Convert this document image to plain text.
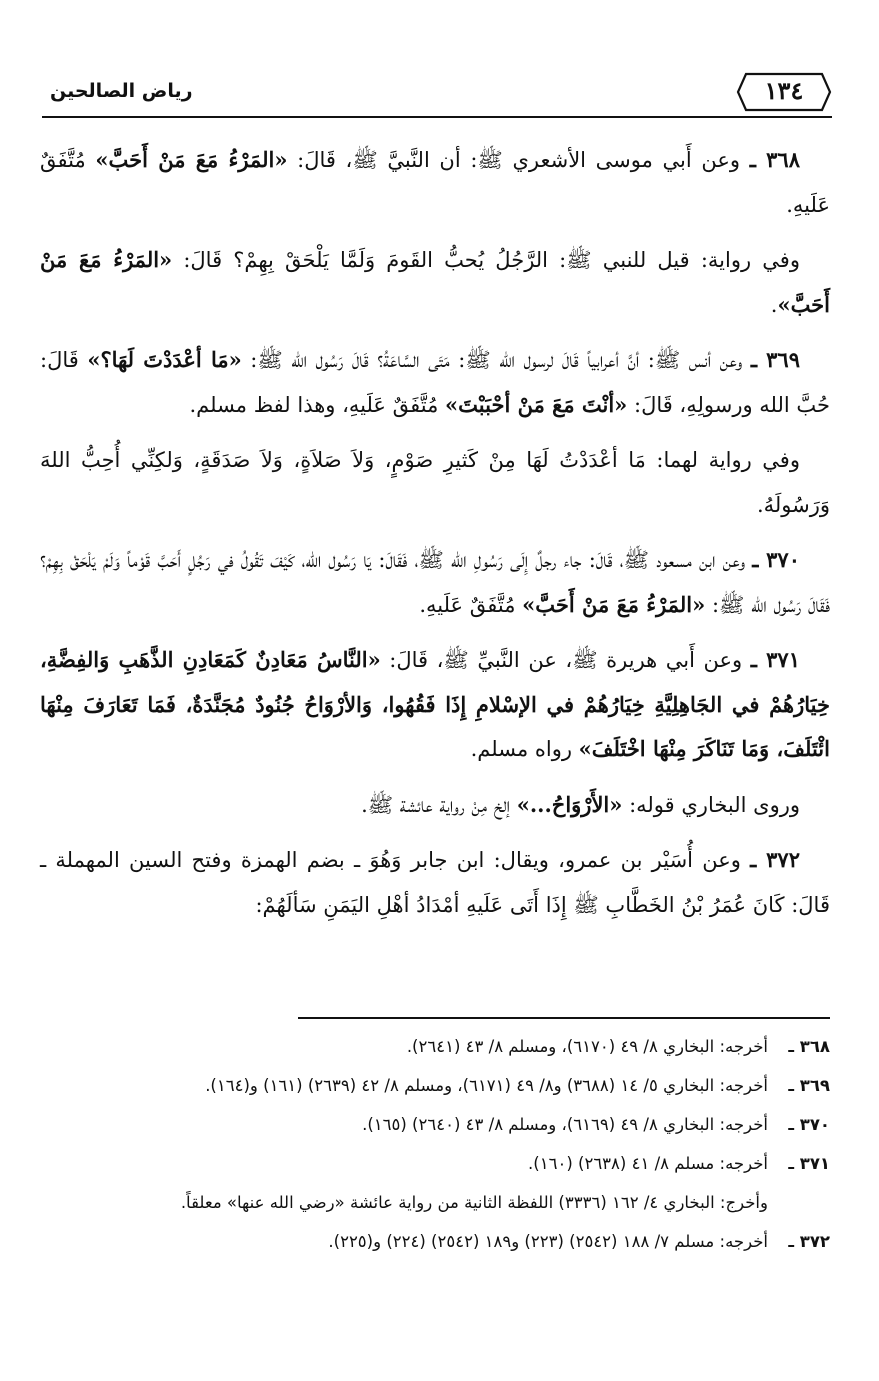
رياض الصالحين	١٣٤

٣٦٨ ـ وعن أَبي موسى الأشعري ﷺ: أن النَّبيَّ ﷺ، قَالَ: «المَرْءُ مَعَ مَنْ أَحَبَّ» مُتَّفَقٌ عَلَيهِ.

وفي رواية: قيل للنبي ﷺ: الرَّجُلُ يُحبُّ القَومَ وَلَمَّا يَلْحَقْ بِهِمْ؟ قَالَ: «المَرْءُ مَعَ مَنْ أَحَبَّ».

٣٦٩ ـ وعن أنس ﷺ: أنَّ أعرابياً قَالَ لرسول الله ﷺ: مَتَى السَّاعَةُ؟ قَالَ رَسُول الله ﷺ: «مَا أعْدَدْتَ لَهَا؟» قَالَ: حُبَّ الله ورسولِهِ، قَالَ: «أنْتَ مَعَ مَنْ أحْبَبْتَ» مُتَّفَقٌ عَلَيهِ، وهذا لفظ مسلم.

وفي رواية لهما: مَا أعْدَدْتُ لَهَا مِنْ كَثيرِ صَوْمٍ، وَلاَ صَلاَةٍ، وَلاَ صَدَقَةٍ، وَلكِنِّي أُحِبُّ اللهَ وَرَسُولَهُ.

٣٧٠ ـ وعن ابن مسعود ﷺ، قَالَ: جاء رجلٌ إِلَى رَسُولِ الله ﷺ، فَقَالَ: يَا رَسُول الله، كَيْفَ تَقُولُ في رَجُلٍ أَحَبَّ قَوْماً وَلَمْ يَلْحَقْ بِهِمْ؟ فَقَالَ رَسُول الله ﷺ: «المَرْءُ مَعَ مَنْ أَحَبَّ» مُتَّفَقٌ عَلَيهِ.

٣٧١ ـ وعن أَبي هريرة ﷺ، عن النَّبيِّ ﷺ، قَالَ: «النَّاسُ مَعَادِنٌ كَمَعَادِنِ الذَّهَبِ وَالفِضَّةِ، خِيَارُهُمْ في الجَاهِلِيَّةِ خِيَارُهُمْ في الإسْلامِ إِذَا فَقُهُوا، وَالأرْوَاحُ جُنُودٌ مُجَنَّدَةٌ، فَمَا تَعَارَفَ مِنْهَا ائْتَلَفَ، وَمَا تَنَاكَرَ مِنْهَا اخْتَلَفَ» رواه مسلم.

وروى البخاري قوله: «الأَرْوَاحُ...» إلخ مِنْ رواية عائشة ﷺ.

٣٧٢ ـ وعن أُسَيْر بن عمرو، ويقال: ابن جابر وَهُوَ ـ بضم الهمزة وفتح السين المهملة ـ قَالَ: كَانَ عُمَرُ بْنُ الخَطَّابِ ﷺ إِذَا أَتَى عَلَيهِ أمْدَادُ أهْلِ اليَمَنِ سَألَهُمْ:

٣٦٨ ـ
أخرجه: البخاري ٨/ ٤٩ (٦١٧٠)، ومسلم ٨/ ٤٣ (٢٦٤١).
٣٦٩ ـ
أخرجه: البخاري ٥/ ١٤ (٣٦٨٨) و٨/ ٤٩ (٦١٧١)، ومسلم ٨/ ٤٢ (٢٦٣٩) (١٦١) و(١٦٤).
٣٧٠ ـ
أخرجه: البخاري ٨/ ٤٩ (٦١٦٩)، ومسلم ٨/ ٤٣ (٢٦٤٠) (١٦٥).
٣٧١ ـ
أخرجه: مسلم ٨/ ٤١ (٢٦٣٨) (١٦٠).
وأخرج: البخاري ٤/ ١٦٢ (٣٣٣٦) اللفظة الثانية من رواية عائشة «رضي الله عنها» معلقاً.
٣٧٢ ـ
أخرجه: مسلم ٧/ ١٨٨ (٢٥٤٢) (٢٢٣) و١٨٩ (٢٥٤٢) (٢٢٤) و(٢٢٥).
